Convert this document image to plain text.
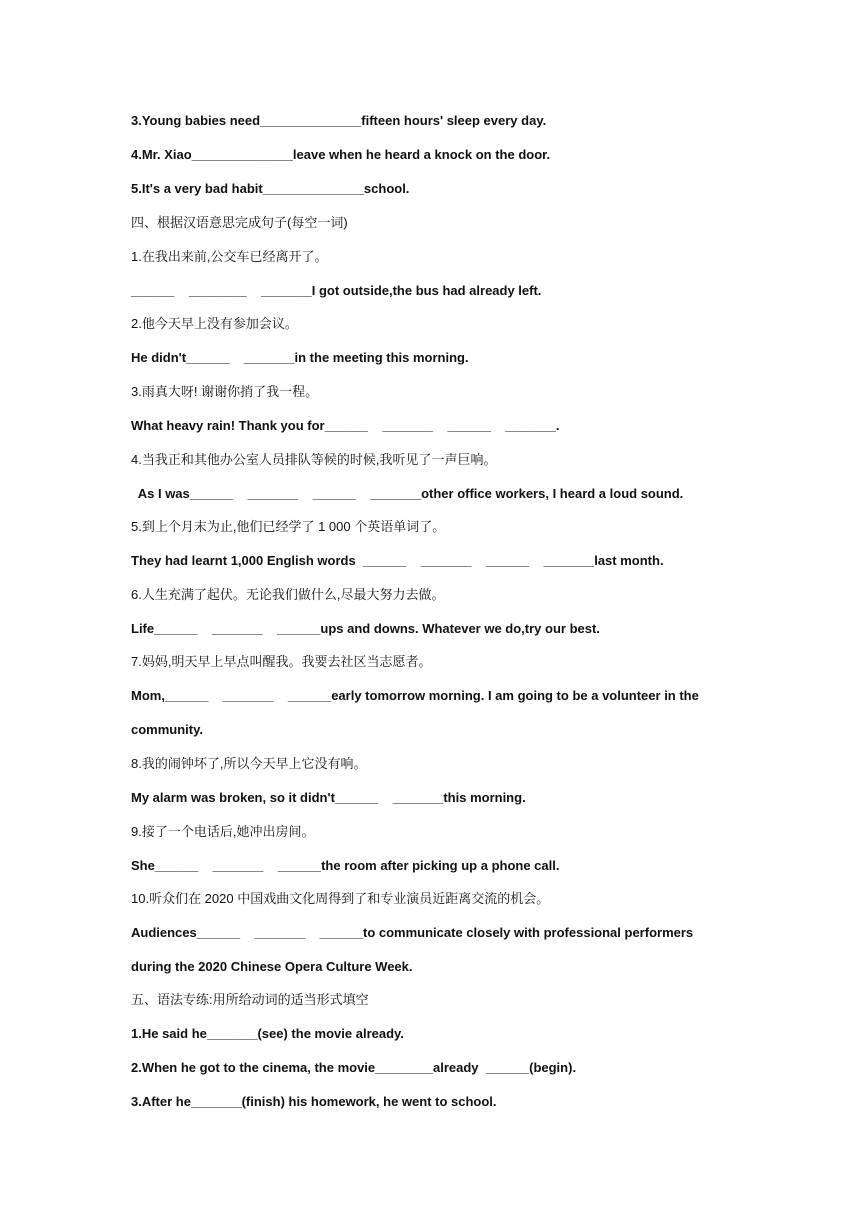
3.Young babies need______________fifteen hours' sleep every day.
4.Mr. Xiao______________leave when he heard a knock on the door.
5.It's a very bad habit______________school.
四、根据汉语意思完成句子(每空一词)
1.在我出来前,公交车已经离开了。
______    ________    _______I got outside,the bus had already left.
2.他今天早上没有参加会议。
He didn't______    _______in the meeting this morning.
3.雨真大呀! 谢谢你捎了我一程。
What heavy rain! Thank you for______    _______    ______    _______.
4.当我正和其他办公室人员排队等候的时候,我听见了一声巨响。
As I was______    _______    ______    _______other office workers, I heard a loud sound.
5.到上个月末为止,他们已经学了 1 000 个英语单词了。
They had learnt 1,000 English words  ______    _______    ______    _______last month.
6.人生充满了起伏。无论我们做什么,尽最大努力去做。
Life______    _______    ______ups and downs. Whatever we do,try our best.
7.妈妈,明天早上早点叫醒我。我要去社区当志愿者。
Mom,______    _______    ______early tomorrow morning. I am going to be a volunteer in the
community.
8.我的闹钟坏了,所以今天早上它没有响。
My alarm was broken, so it didn't______    _______this morning.
9.接了一个电话后,她冲出房间。
She______    _______    ______the room after picking up a phone call.
10.听众们在 2020 中国戏曲文化周得到了和专业演员近距离交流的机会。
Audiences______    _______    ______to communicate closely with professional performers
during the 2020 Chinese Opera Culture Week.
五、语法专练:用所给动词的适当形式填空
1.He said he_______(see) the movie already.
2.When he got to the cinema, the movie________already  ______(begin).
3.After he_______(finish) his homework, he went to school.
